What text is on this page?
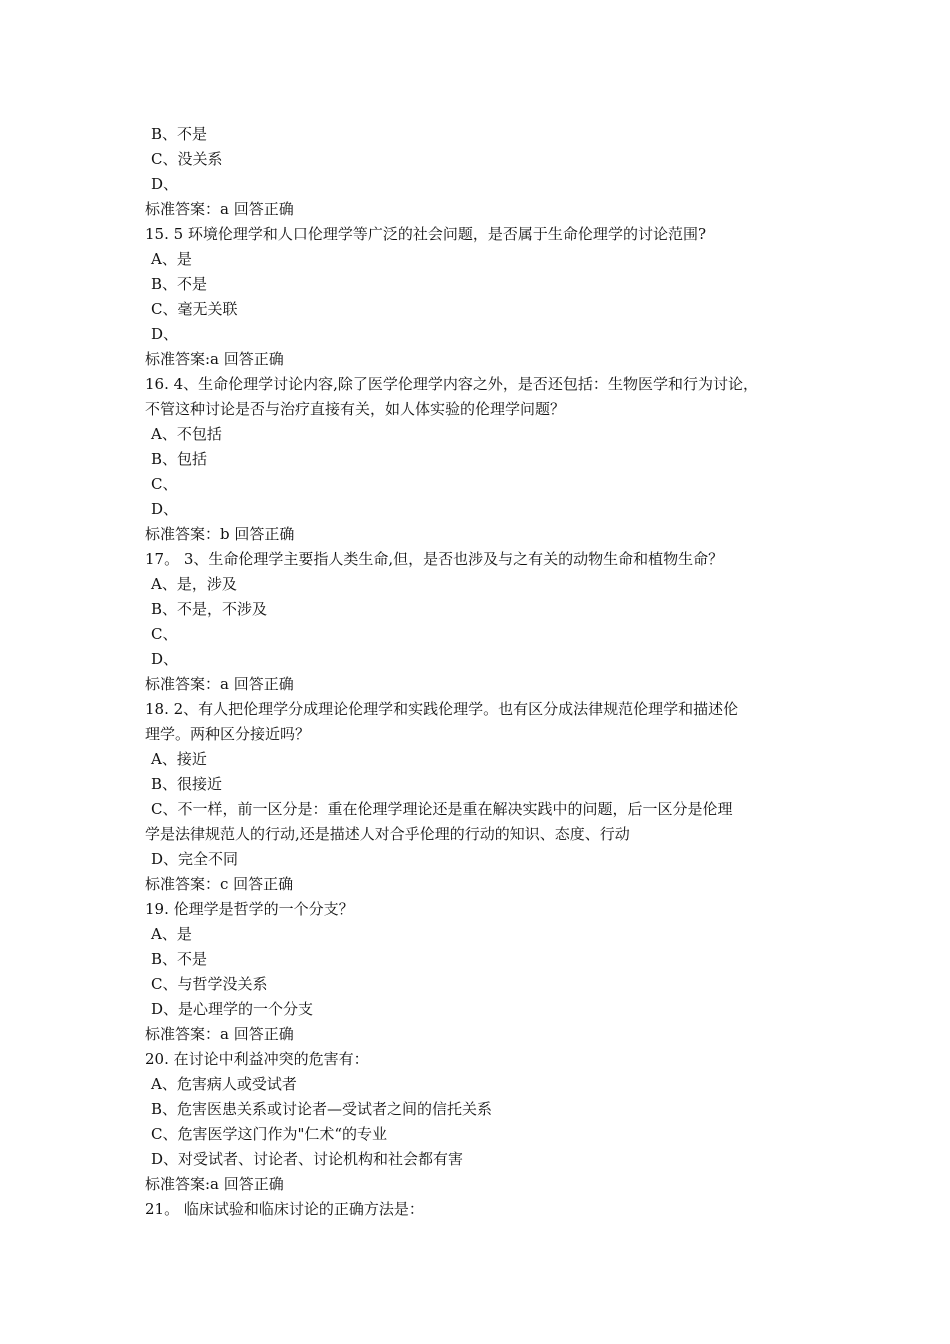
B、不是
C、没关系
D、
标准答案：a 回答正确
15. 5 环境伦理学和人口伦理学等广泛的社会问题，是否属于生命伦理学的讨论范围?
A、是
B、不是
C、毫无关联
D、
标准答案:a 回答正确
16. 4、生命伦理学讨论内容,除了医学伦理学内容之外，是否还包括：生物医学和行为讨论，
不管这种讨论是否与治疗直接有关，如人体实验的伦理学问题？
A、不包括
B、包括
C、
D、
标准答案：b 回答正确
17。 3、生命伦理学主要指人类生命,但，是否也涉及与之有关的动物生命和植物生命？
A、是，涉及
B、不是，不涉及
C、
D、
标准答案：a 回答正确
18. 2、有人把伦理学分成理论伦理学和实践伦理学。也有区分成法律规范伦理学和描述伦
理学。两种区分接近吗？
A、接近
B、很接近
C、不一样，前一区分是：重在伦理学理论还是重在解决实践中的问题，后一区分是伦理
学是法律规范人的行动,还是描述人对合乎伦理的行动的知识、态度、行动
D、完全不同
标准答案：c 回答正确
19. 伦理学是哲学的一个分支？
A、是
B、不是
C、与哲学没关系
D、是心理学的一个分支
标准答案：a 回答正确
20. 在讨论中利益冲突的危害有：
A、危害病人或受试者
B、危害医患关系或讨论者—受试者之间的信托关系
C、危害医学这门作为"仁术“的专业
D、对受试者、讨论者、讨论机构和社会都有害
标准答案:a 回答正确
21。 临床试验和临床讨论的正确方法是：
